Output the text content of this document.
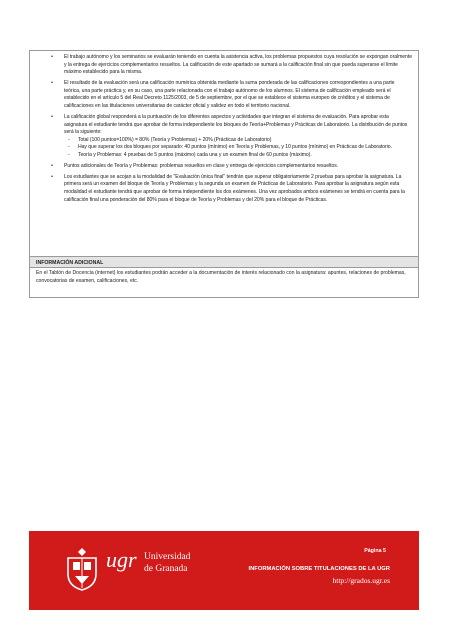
• El trabajo autónomo y los seminarios se evaluarán teniendo en cuenta la asistencia activa, los problemas propuestos cuya resolución se expongan oralmente y la entrega de ejercicios complementarios resueltos. La calificación de este apartado se sumará a la calificación final sin que pueda superarse el límite máximo establecido para la misma.
• El resultado de la evaluación será una calificación numérica obtenida mediante la suma ponderada de las calificaciones correspondientes a una parte teórica, una parte práctica y, en su caso, una parte relacionada con el trabajo autónomo de los alumnos. El sistema de calificación empleado será el establecido en el artículo 5 del Real Decreto 1125/2003, de 5 de septiembre, por el que se establece el sistema europeo de créditos y el sistema de calificaciones en las titulaciones universitarias de carácter oficial y validez en todo el territorio nacional.
• La calificación global responderá a la puntuación de los diferentes aspectos y actividades que integran el sistema de evaluación. Para aprobar esta asignatura el estudiante tendrá que aprobar de forma independiente los bloques de Teoría+Problemas y Prácticas de Laboratorio. La distribución de puntos será la siguiente:
- Total (100 puntos=100%) = 80% (Teoría y Problemas) + 20% (Prácticas de Laboratorio)
- Hay que superar los dos bloques por separado: 40 puntos (mínimo) en Teoría y Problemas, y 10 puntos (mínimo) en Prácticas de Laboratorio.
- Teoría y Problemas: 4 pruebas de 5 puntos (máximo) cada una y un examen final de 60 puntos (máximo).
• Puntos adicionales de Teoría y Problemas: problemas resueltos en clase y entrega de ejercicios complementarios resueltos.
• Los estudiantes que se acojan a la modalidad de "Evaluación única final" tendrán que superar obligatoriamente 2 pruebas para aprobar la asignatura. La primera será un examen del bloque de Teoría y Problemas y la segunda un examen de Prácticas de Laboratorio. Para aprobar la asignatura según esta modalidad el estudiante tendrá que aprobar de forma independiente los dos exámenes. Una vez aprobados ambos exámenes se tendrá en cuenta para la calificación final una ponderación del 80% para el bloque de Teoría y Problemas y del 20% para el bloque de Prácticas.
INFORMACIÓN ADICIONAL
En el Tablón de Docencia (internet) los estudiantes podrán acceder a la documentación de interés relacionado con la asignatura: apuntes, relaciones de problemas, convocatorias de examen, calificaciones, etc.
ugr Universidad
de Granada
Página 5
INFORMACIÓN SOBRE TITULACIONES DE LA UGR
http://grados.ugr.es
